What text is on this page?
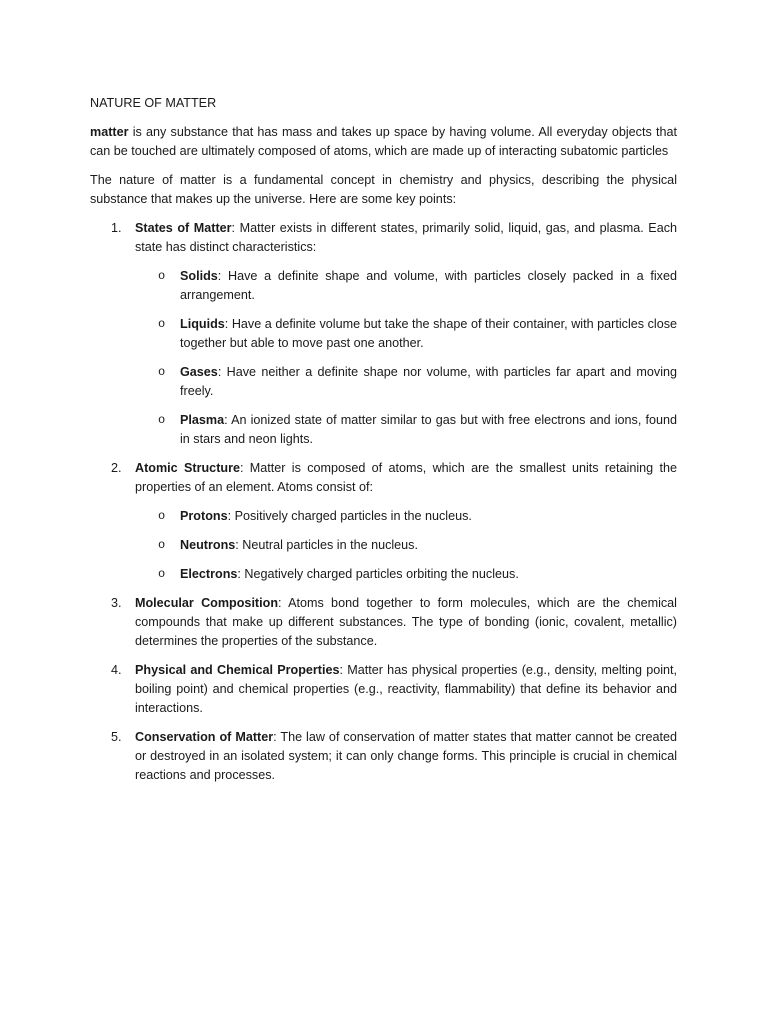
NATURE OF MATTER

matter is any substance that has mass and takes up space by having volume. All everyday objects that can be touched are ultimately composed of atoms, which are made up of interacting subatomic particles

The nature of matter is a fundamental concept in chemistry and physics, describing the physical substance that makes up the universe. Here are some key points:

1. States of Matter: Matter exists in different states, primarily solid, liquid, gas, and plasma. Each state has distinct characteristics:
o Solids: Have a definite shape and volume, with particles closely packed in a fixed arrangement.
o Liquids: Have a definite volume but take the shape of their container, with particles close together but able to move past one another.
o Gases: Have neither a definite shape nor volume, with particles far apart and moving freely.
o Plasma: An ionized state of matter similar to gas but with free electrons and ions, found in stars and neon lights.
2. Atomic Structure: Matter is composed of atoms, which are the smallest units retaining the properties of an element. Atoms consist of:
o Protons: Positively charged particles in the nucleus.
o Neutrons: Neutral particles in the nucleus.
o Electrons: Negatively charged particles orbiting the nucleus.
3. Molecular Composition: Atoms bond together to form molecules, which are the chemical compounds that make up different substances. The type of bonding (ionic, covalent, metallic) determines the properties of the substance.
4. Physical and Chemical Properties: Matter has physical properties (e.g., density, melting point, boiling point) and chemical properties (e.g., reactivity, flammability) that define its behavior and interactions.
5. Conservation of Matter: The law of conservation of matter states that matter cannot be created or destroyed in an isolated system; it can only change forms. This principle is crucial in chemical reactions and processes.
